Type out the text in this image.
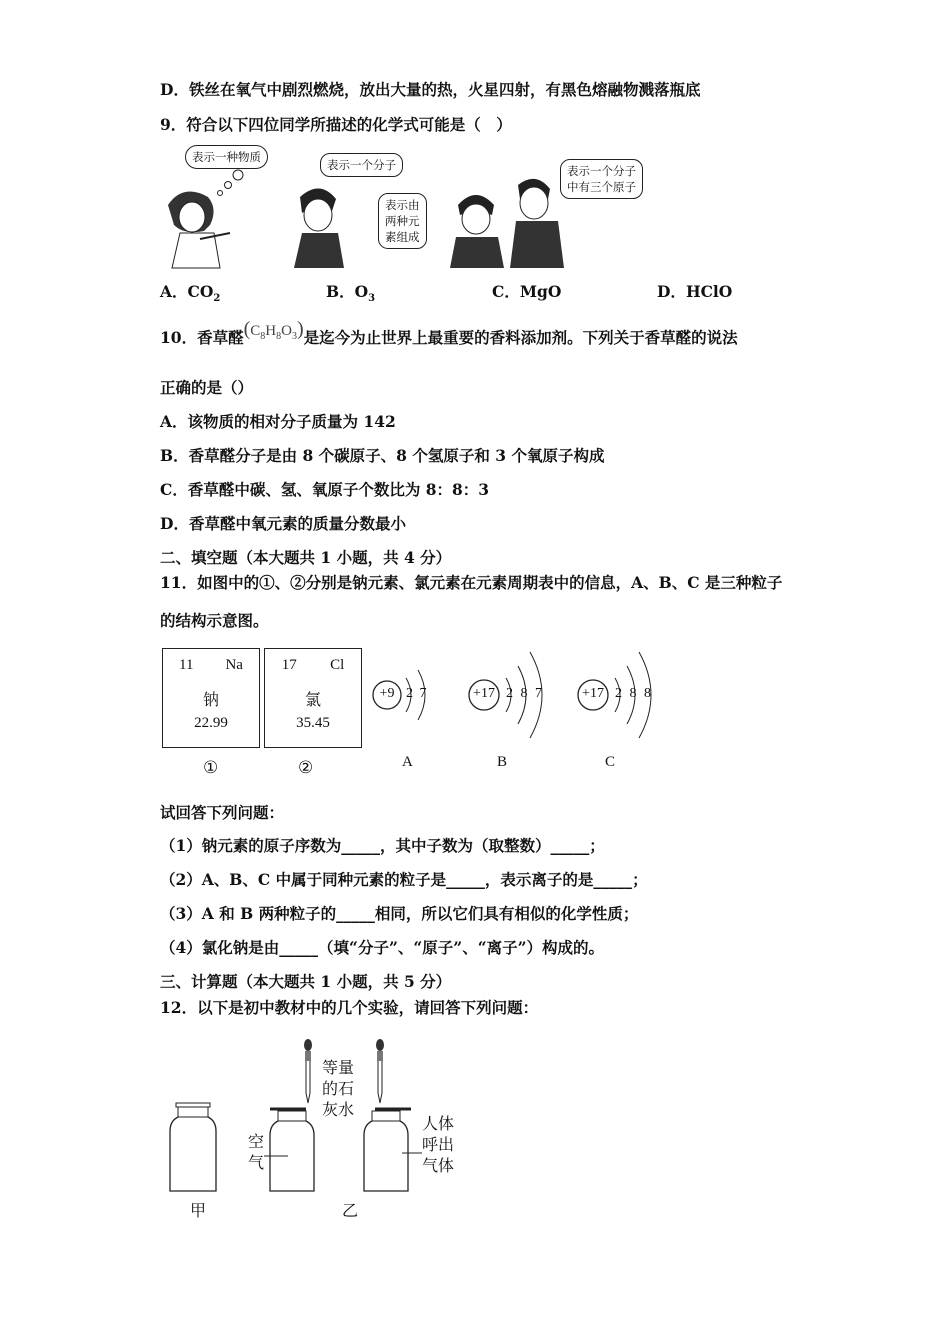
D．铁丝在氧气中剧烈燃烧，放出大量的热，火星四射，有黑色熔融物溅落瓶底
9．符合以下四位同学所描述的化学式可能是（　）
表示一种物质
表示一个分子
表示由
两种元
素组成
表示一个分子
中有三个原子
A．$CO_2$	B．$O_3$	C．MgO	D．HClO
10．香草醛$(C_8H_8O_3)$是迄今为止世界上最重要的香料添加剂。下列关于香草醛的说法
正确的是（）
A．该物质的相对分子质量为 142
B．香草醛分子是由 8 个碳原子、8 个氢原子和 3 个氧原子构成
C．香草醛中碳、氢、氧原子个数比为 8：8：3
D．香草醛中氧元素的质量分数最小
二、填空题（本大题共 1 小题，共 4 分）
11．如图中的①、②分别是钠元素、氯元素在元素周期表中的信息，A、B、C 是三种粒子
的结构示意图。
11 Na
钠
22.99
①
17 Cl
氯
35.45
②
+9 2 7
A
+17 2 8 7
B
+17 2 8 8
C
试回答下列问题：
（1）钠元素的原子序数为_____，其中子数为（取整数）_____；
（2）A、B、C 中属于同种元素的粒子是_____，表示离子的是_____；
（3）A 和 B 两种粒子的_____相同，所以它们具有相似的化学性质；
（4）氯化钠是由_____（填“分子”、“原子”、“离子”）构成的。
三、计算题（本大题共 1 小题，共 5 分）
12．以下是初中教材中的几个实验，请回答下列问题：
等量
的石
灰水
空
气
人体
呼出
气体
甲	乙
